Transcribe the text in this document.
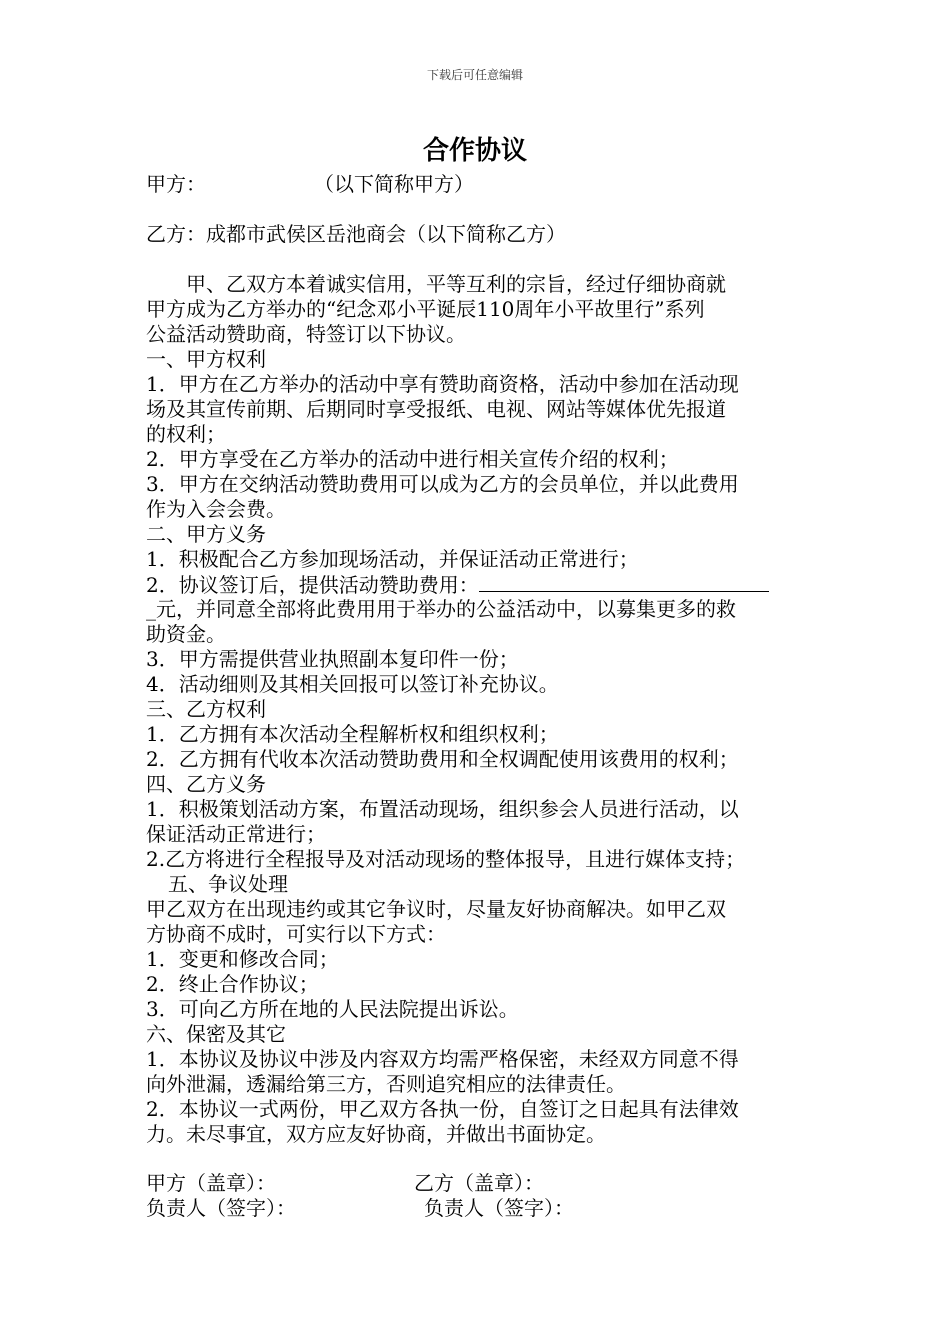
下载后可任意编辑
合作协议
甲方：	（以下简称甲方）
乙方：成都市武侯区岳池商会（以下简称乙方）
甲、乙双方本着诚实信用，平等互利的宗旨，经过仔细协商就
甲方成为乙方举办的“纪念邓小平诞辰110周年小平故里行”系列
公益活动赞助商，特签订以下协议。
一、甲方权利
1．甲方在乙方举办的活动中享有赞助商资格，活动中参加在活动现
场及其宣传前期、后期同时享受报纸、电视、网站等媒体优先报道
的权利；
2．甲方享受在乙方举办的活动中进行相关宣传介绍的权利；
3．甲方在交纳活动赞助费用可以成为乙方的会员单位，并以此费用
作为入会会费。
二、甲方义务
1．积极配合乙方参加现场活动，并保证活动正常进行；
2．协议签订后，提供活动赞助费用：
_元，并同意全部将此费用用于举办的公益活动中，以募集更多的救
助资金。
3．甲方需提供营业执照副本复印件一份；
4．活动细则及其相关回报可以签订补充协议。
三、乙方权利
1．乙方拥有本次活动全程解析权和组织权利；
2．乙方拥有代收本次活动赞助费用和全权调配使用该费用的权利；
四、乙方义务
1．积极策划活动方案，布置活动现场，组织参会人员进行活动，以
保证活动正常进行；
2.乙方将进行全程报导及对活动现场的整体报导，且进行媒体支持；
五、争议处理
甲乙双方在出现违约或其它争议时，尽量友好协商解决。如甲乙双
方协商不成时，可实行以下方式：
1．变更和修改合同；
2．终止合作协议；
3．可向乙方所在地的人民法院提出诉讼。
六、保密及其它
1．本协议及协议中涉及内容双方均需严格保密，未经双方同意不得
向外泄漏，透漏给第三方，否则追究相应的法律责任。
2．本协议一式两份，甲乙双方各执一份，自签订之日起具有法律效
力。未尽事宜，双方应友好协商，并做出书面协定。
甲方（盖章）：	乙方（盖章）：
负责人（签字）：	负责人（签字）：
